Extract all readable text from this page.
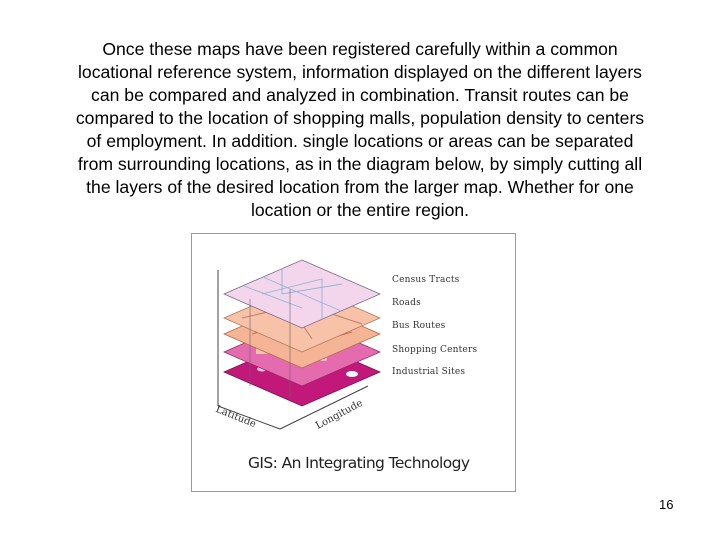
Once these maps have been registered carefully within a common
locational reference system, information displayed on the different layers
can be compared and analyzed in combination. Transit routes can be
compared to the location of shopping malls, population density to centers
of employment. In addition. single locations or areas can be separated
from surrounding locations, as in the diagram below, by simply cutting all
the layers of the desired location from the larger map. Whether for one
location or the entire region.
Census Tracts
Roads
Bus Routes
Shopping Centers
Industrial Sites
Latitude	Longitude
GIS: An Integrating Technology
16
